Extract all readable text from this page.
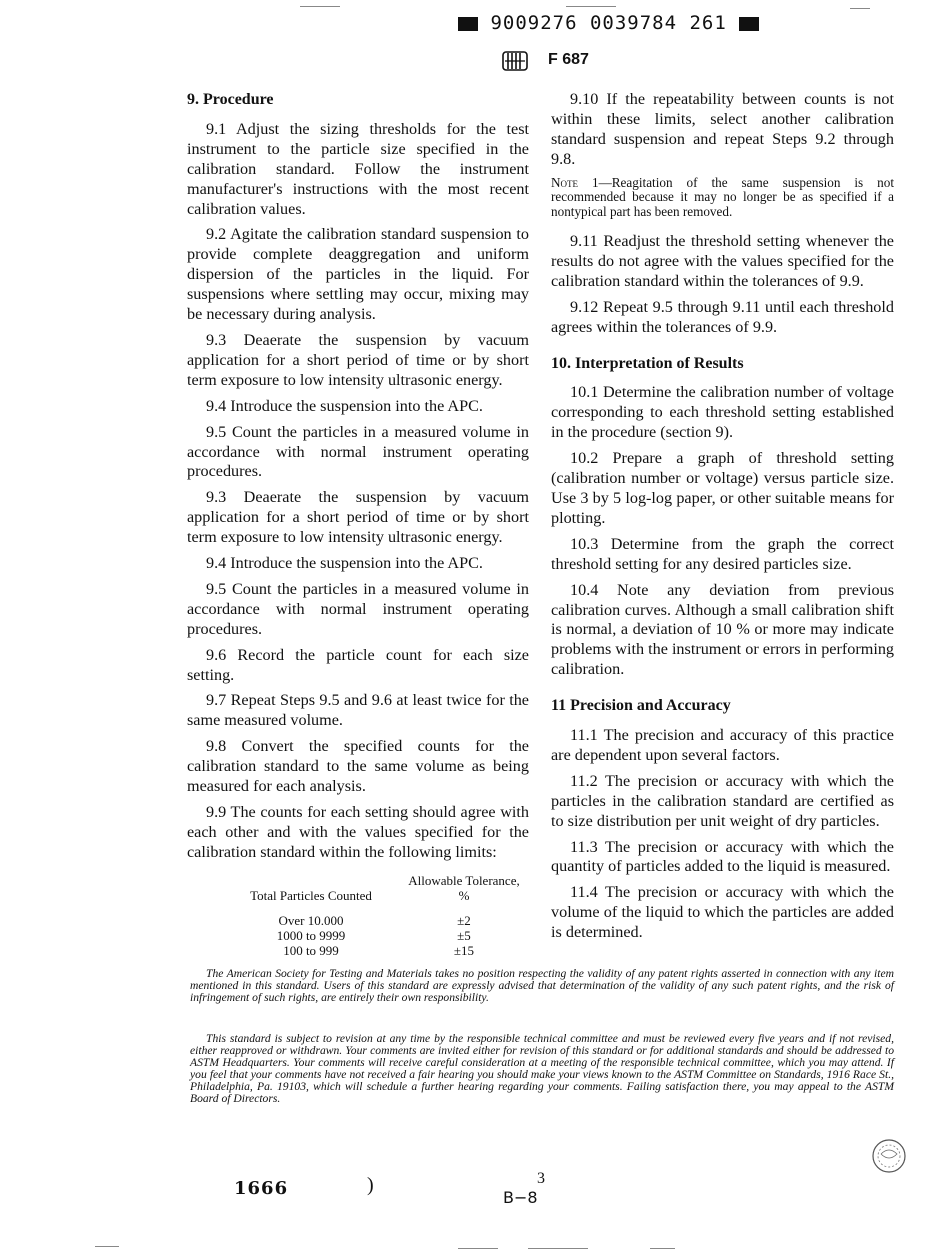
9009276 0039784 261
F 687
9. Procedure

9.1 Adjust the sizing thresholds for the test instrument to the particle size specified in the calibration standard. Follow the instrument manufacturer's instructions with the most recent calibration values.

9.2 Agitate the calibration standard suspension to provide complete deaggregation and uniform dispersion of the particles in the liquid. For suspensions where settling may occur, mixing may be necessary during analysis.

9.3 Deaerate the suspension by vacuum application for a short period of time or by short term exposure to low intensity ultrasonic energy.

9.4 Introduce the suspension into the APC.

9.5 Count the particles in a measured volume in accordance with normal instrument operating procedures.

9.3 Deaerate the suspension by vacuum application for a short period of time or by short term exposure to low intensity ultrasonic energy.

9.4 Introduce the suspension into the APC.

9.5 Count the particles in a measured volume in accordance with normal instrument operating procedures.

9.6 Record the particle count for each size setting.

9.7 Repeat Steps 9.5 and 9.6 at least twice for the same measured volume.

9.8 Convert the specified counts for the calibration standard to the same volume as being measured for each analysis.

9.9 The counts for each setting should agree with each other and with the values specified for the calibration standard within the following limits:

Total Particles Counted	Allowable Tolerance,
%

Over 10.000	±2
1000 to 9999	±5
100 to 999	±15

9.10 If the repeatability between counts is not within these limits, select another calibration standard suspension and repeat Steps 9.2 through 9.8.

Note 1—Reagitation of the same suspension is not recommended because it may no longer be as specified if a nontypical part has been removed.

9.11 Readjust the threshold setting whenever the results do not agree with the values specified for the calibration standard within the tolerances of 9.9.

9.12 Repeat 9.5 through 9.11 until each threshold agrees within the tolerances of 9.9.

10. Interpretation of Results

10.1 Determine the calibration number of voltage corresponding to each threshold setting established in the procedure (section 9).

10.2 Prepare a graph of threshold setting (calibration number or voltage) versus particle size. Use 3 by 5 log-log paper, or other suitable means for plotting.

10.3 Determine from the graph the correct threshold setting for any desired particles size.

10.4 Note any deviation from previous calibration curves. Although a small calibration shift is normal, a deviation of 10 % or more may indicate problems with the instrument or errors in performing calibration.

11 Precision and Accuracy

11.1 The precision and accuracy of this practice are dependent upon several factors.

11.2 The precision or accuracy with which the particles in the calibration standard are certified as to size distribution per unit weight of dry particles.

11.3 The precision or accuracy with which the quantity of particles added to the liquid is measured.

11.4 The precision or accuracy with which the volume of the liquid to which the particles are added is determined.

The American Society for Testing and Materials takes no position respecting the validity of any patent rights asserted in connection with any item mentioned in this standard. Users of this standard are expressly advised that determination of the validity of any such patent rights, and the risk of infringement of such rights, are entirely their own responsibility.

This standard is subject to revision at any time by the responsible technical committee and must be reviewed every five years and if not revised, either reapproved or withdrawn. Your comments are invited either for revision of this standard or for additional standards and should be addressed to ASTM Headquarters. Your comments will receive careful consideration at a meeting of the responsible technical committee, which you may attend. If you feel that your comments have not received a fair hearing you should make your views known to the ASTM Committee on Standards, 1916 Race St., Philadelphia, Pa. 19103, which will schedule a further hearing regarding your comments. Failing satisfaction there, you may appeal to the ASTM Board of Directors.

1666	)	3
B−8
